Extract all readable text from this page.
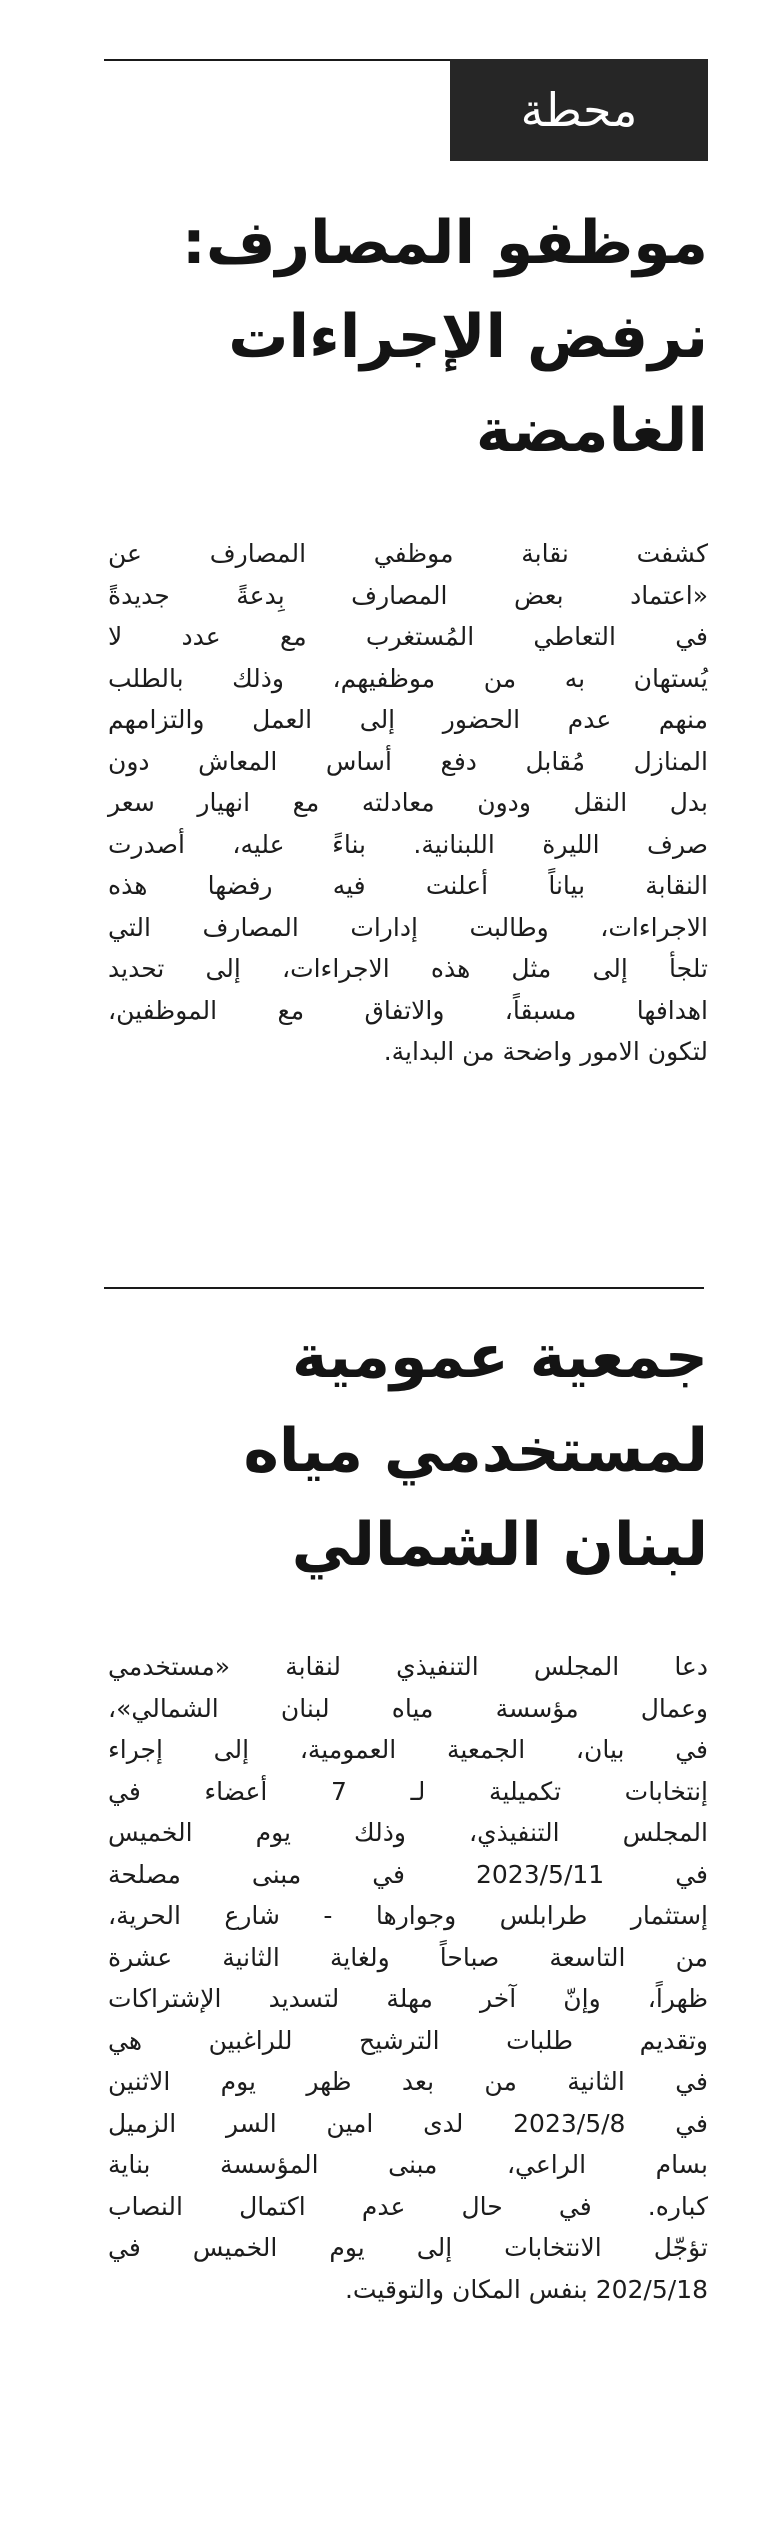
محطة
موظفو المصارف:
نرفض الإجراءات
الغامضة
كشفت نقابة موظفي المصارف عن
«اعتماد بعض المصارف بِدعةً جديدةً
في التعاطي المُستغرب مع عدد لا
يُستهان به من موظفيهم، وذلك بالطلب
منهم عدم الحضور إلى العمل والتزامهم
المنازل مُقابل دفع أساس المعاش دون
بدل النقل ودون معادلته مع انهيار سعر
صرف الليرة اللبنانية. بناءً عليه، أصدرت
النقابة بياناً أعلنت فيه رفضها هذه
الاجراءات، وطالبت إدارات المصارف التي
تلجأ إلى مثل هذه الاجراءات، إلى تحديد
اهدافها مسبقاً، والاتفاق مع الموظفين،
لتكون الامور واضحة من البداية.
جمعية عمومية
لمستخدمي مياه
لبنان الشمالي
دعا المجلس التنفيذي لنقابة «مستخدمي
وعمال مؤسسة مياه لبنان الشمالي»،
في بيان، الجمعية العمومية، إلى إجراء
إنتخابات تكميلية لـ 7 أعضاء في
المجلس التنفيذي، وذلك يوم الخميس
في 2023/5/11 في مبنى مصلحة
إستثمار طرابلس وجوارها - شارع الحرية،
من التاسعة صباحاً ولغاية الثانية عشرة
ظهراً، وإنّ آخر مهلة لتسديد الإشتراكات
وتقديم طلبات الترشيح للراغبين هي
في الثانية من بعد ظهر يوم الاثنين
في 2023/5/8 لدى امين السر الزميل
بسام الراعي، مبنى المؤسسة بناية
كباره. في حال عدم اكتمال النصاب
تؤجّل الانتخابات إلى يوم الخميس في
202/5/18 بنفس المكان والتوقيت.
